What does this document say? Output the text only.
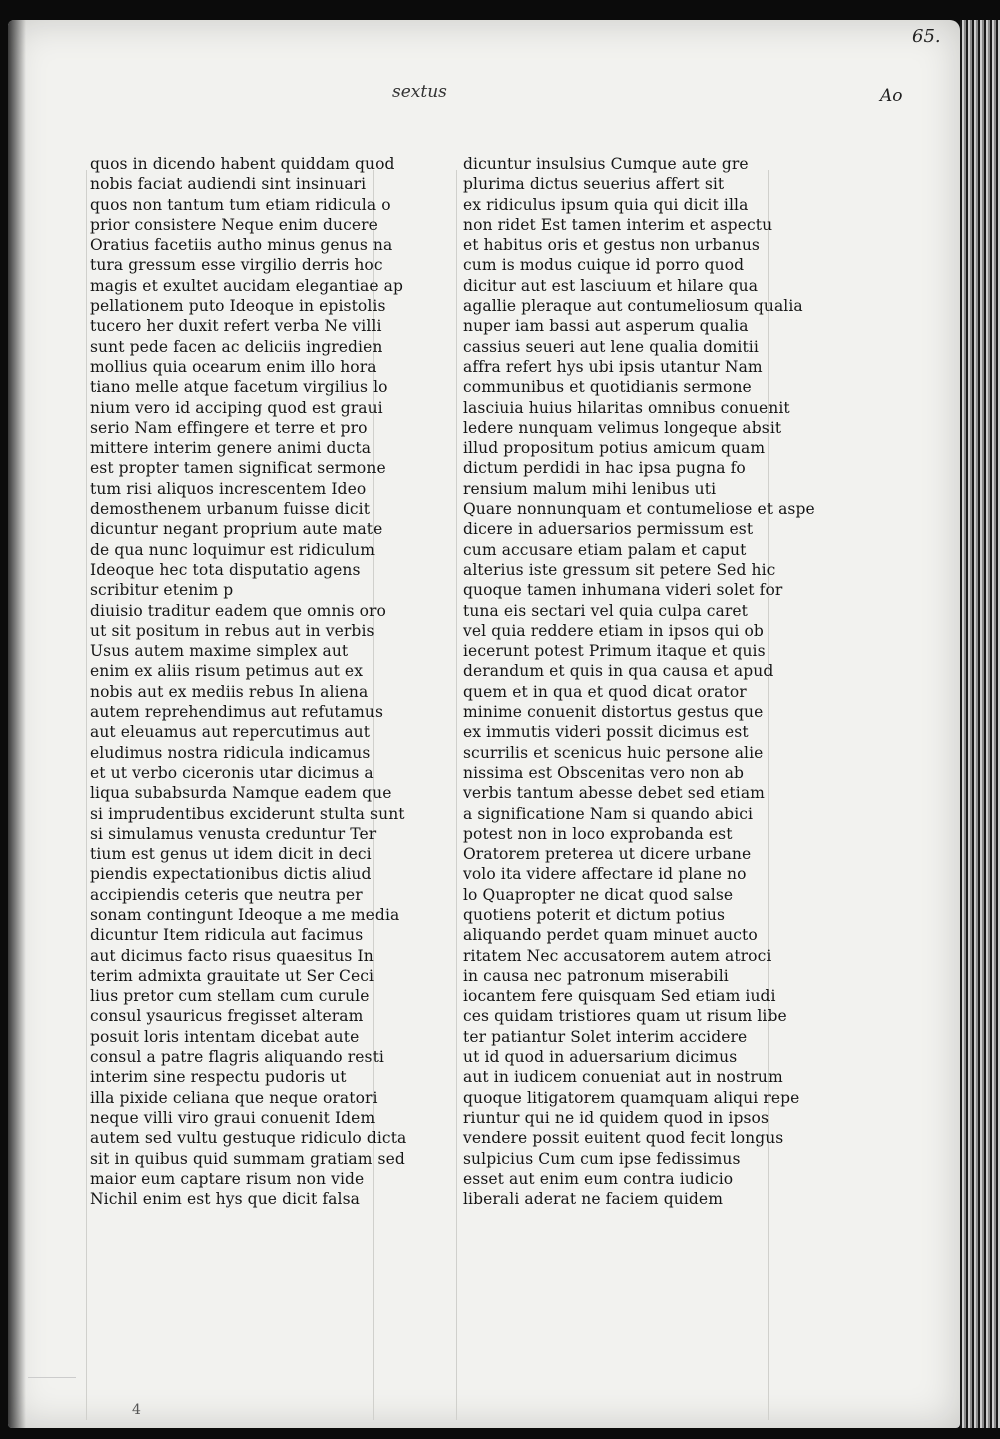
65.
sextus	Ao
quos in dicendo habent quiddam quod
nobis faciat audiendi sint insinuari
quos non tantum tum etiam ridicula o
prior consistere Neque enim ducere
Oratius facetiis autho minus genus na
tura gressum esse virgilio derris hoc
magis et exultet aucidam elegantiae ap
pellationem puto Ideoque in epistolis
tucero her duxit refert verba Ne villi
sunt pede facen ac deliciis ingredien
mollius quia ocearum enim illo hora
tiano melle atque facetum virgilius lo
nium vero id acciping quod est graui
serio Nam effingere et terre et pro
mittere interim genere animi ducta
est propter tamen significat sermone
tum risi aliquos increscentem Ideo
demosthenem urbanum fuisse dicit
dicuntur negant proprium aute mate
de qua nunc loquimur est ridiculum
Ideoque hec tota disputatio agens
scribitur etenim p
diuisio traditur eadem que omnis oro
ut sit positum in rebus aut in verbis
Usus autem maxime simplex aut
enim ex aliis risum petimus aut ex
nobis aut ex mediis rebus In aliena
autem reprehendimus aut refutamus
aut eleuamus aut repercutimus aut
eludimus nostra ridicula indicamus
et ut verbo ciceronis utar dicimus a
liqua subabsurda Namque eadem que
si imprudentibus exciderunt stulta sunt
si simulamus venusta creduntur Ter
tium est genus ut idem dicit in deci
piendis expectationibus dictis aliud
accipiendis ceteris que neutra per
sonam contingunt Ideoque a me media
dicuntur Item ridicula aut facimus
aut dicimus facto risus quaesitus In
terim admixta grauitate ut Ser Ceci
lius pretor cum stellam cum curule
consul ysauricus fregisset alteram
posuit loris intentam dicebat aute
consul a patre flagris aliquando resti
interim sine respectu pudoris ut
illa pixide celiana que neque oratori
neque villi viro graui conuenit Idem
autem sed vultu gestuque ridiculo dicta
sit in quibus quid summam gratiam sed
maior eum captare risum non vide
Nichil enim est hys que dicit falsa
dicuntur insulsius Cumque aute gre
plurima dictus seuerius affert sit
ex ridiculus ipsum quia qui dicit illa
non ridet Est tamen interim et aspectu
et habitus oris et gestus non urbanus
cum is modus cuique id porro quod
dicitur aut est lasciuum et hilare qua
agallie pleraque aut contumeliosum qualia
nuper iam bassi aut asperum qualia
cassius seueri aut lene qualia domitii
affra refert hys ubi ipsis utantur Nam
communibus et quotidianis sermone
lasciuia huius hilaritas omnibus conuenit
ledere nunquam velimus longeque absit
illud propositum potius amicum quam
dictum perdidi in hac ipsa pugna fo
rensium malum mihi lenibus uti
Quare nonnunquam et contumeliose et aspe
dicere in aduersarios permissum est
cum accusare etiam palam et caput
alterius iste gressum sit petere Sed hic
quoque tamen inhumana videri solet for
tuna eis sectari vel quia culpa caret
vel quia reddere etiam in ipsos qui ob
iecerunt potest Primum itaque et quis
derandum et quis in qua causa et apud
quem et in qua et quod dicat orator
minime conuenit distortus gestus que
ex immutis videri possit dicimus est
scurrilis et scenicus huic persone alie
nissima est Obscenitas vero non ab
verbis tantum abesse debet sed etiam
a significatione Nam si quando abici
potest non in loco exprobanda est
Oratorem preterea ut dicere urbane
volo ita videre affectare id plane no
lo Quapropter ne dicat quod salse
quotiens poterit et dictum potius
aliquando perdet quam minuet aucto
ritatem Nec accusatorem autem atroci
in causa nec patronum miserabili
iocantem fere quisquam Sed etiam iudi
ces quidam tristiores quam ut risum libe
ter patiantur Solet interim accidere
ut id quod in aduersarium dicimus
aut in iudicem conueniat aut in nostrum
quoque litigatorem quamquam aliqui repe
riuntur qui ne id quidem quod in ipsos
vendere possit euitent quod fecit longus
sulpicius Cum cum ipse fedissimus
esset aut enim eum contra iudicio
liberali aderat ne faciem quidem
4
